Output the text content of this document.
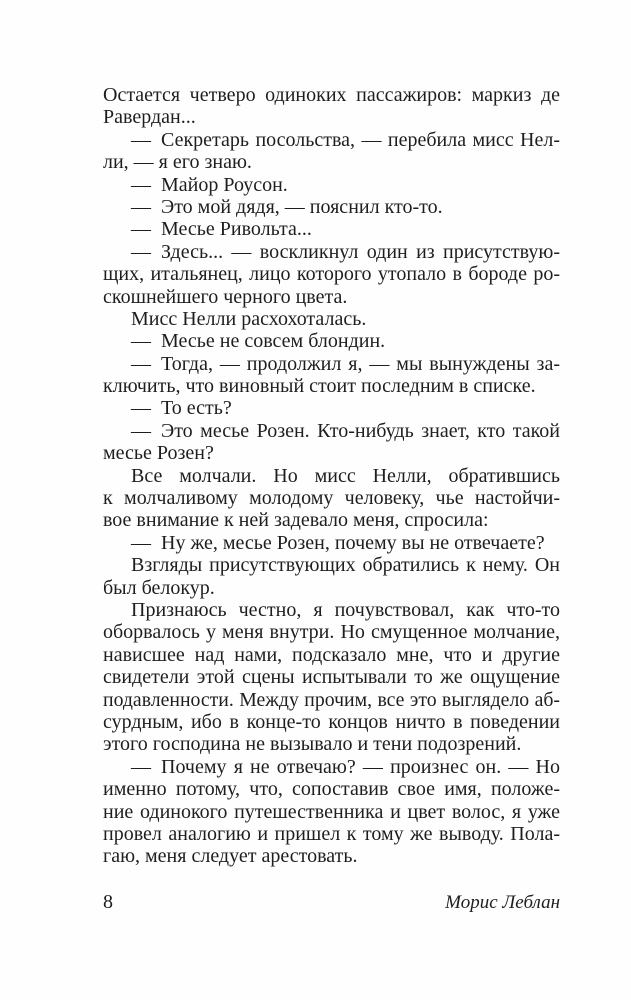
Остается четверо одиноких пассажиров: маркиз де
Равердан...
— Секретарь посольства, — перебила мисс Нел-
ли, — я его знаю.
— Майор Роусон.
— Это мой дядя, — пояснил кто-то.
— Месье Ривольта...
— Здесь... — воскликнул один из присутствую-
щих, итальянец, лицо которого утопало в бороде ро-
скошнейшего черного цвета.
Мисс Нелли расхохоталась.
— Месье не совсем блондин.
— Тогда, — продолжил я, — мы вынуждены за-
ключить, что виновный стоит последним в списке.
— То есть?
— Это месье Розен. Кто-нибудь знает, кто такой
месье Розен?
Все молчали. Но мисс Нелли, обратившись
к молчаливому молодому человеку, чье настойчи-
вое внимание к ней задевало меня, спросила:
— Ну же, месье Розен, почему вы не отвечаете?
Взгляды присутствующих обратились к нему. Он
был белокур.
Признаюсь честно, я почувствовал, как что-то
оборвалось у меня внутри. Но смущенное молчание,
нависшее над нами, подсказало мне, что и другие
свидетели этой сцены испытывали то же ощущение
подавленности. Между прочим, все это выглядело аб-
сурдным, ибо в конце-то концов ничто в поведении
этого господина не вызывало и тени подозрений.
— Почему я не отвечаю? — произнес он. — Но
именно потому, что, сопоставив свое имя, положе-
ние одинокого путешественника и цвет волос, я уже
провел аналогию и пришел к тому же выводу. Пола-
гаю, меня следует арестовать.
8	Морис Леблан
